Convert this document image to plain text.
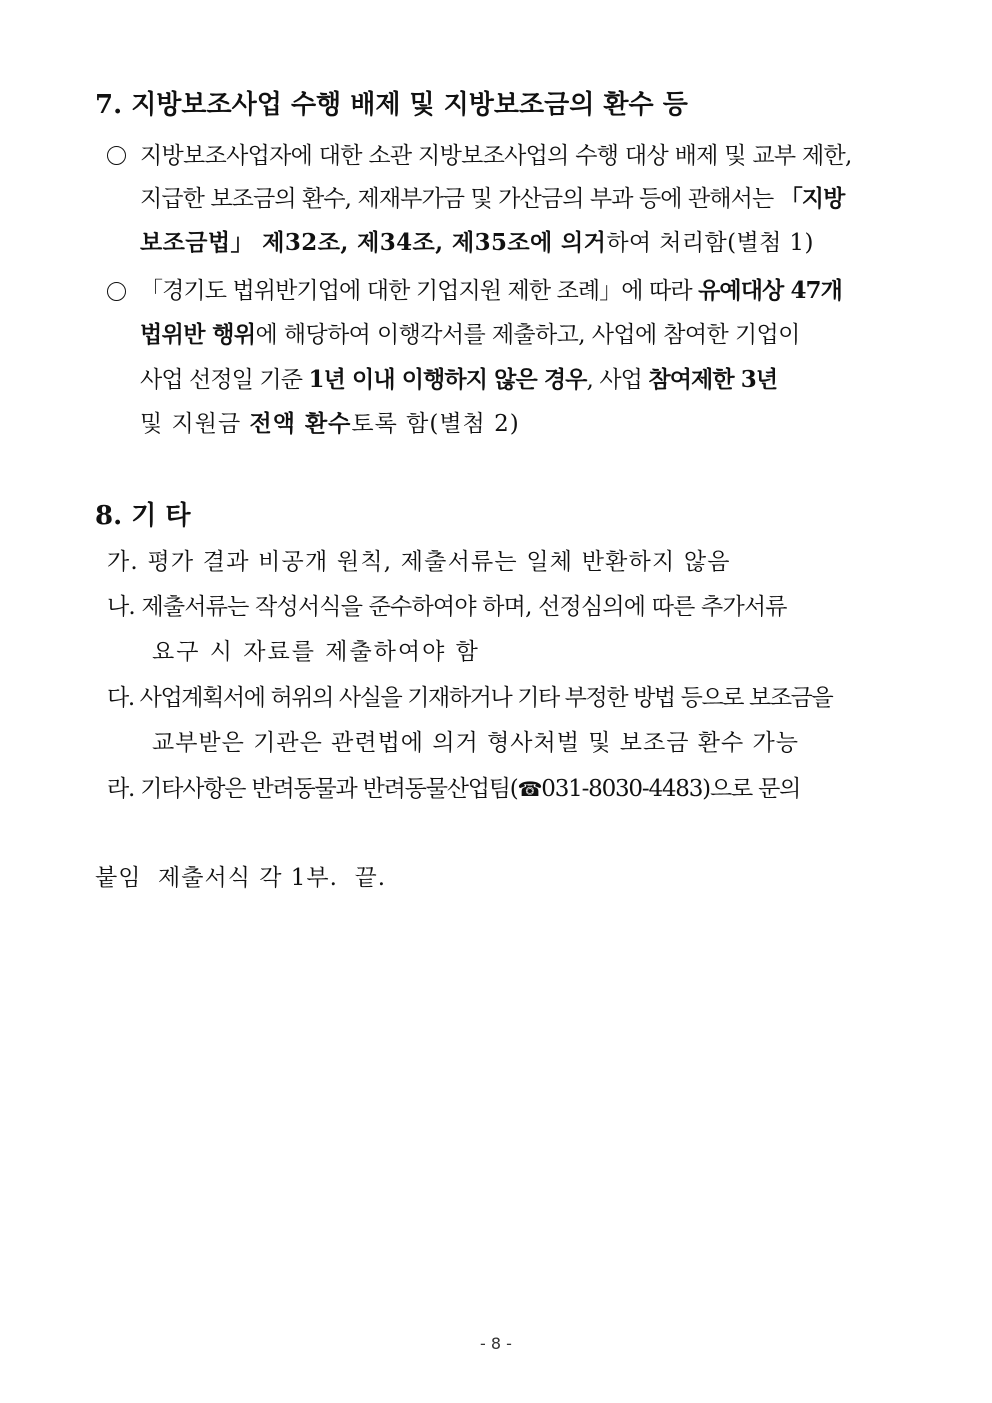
7. 지방보조사업 수행 배제 및 지방보조금의 환수 등
지방보조사업자에 대한 소관 지방보조사업의 수행 대상 배제 및 교부 제한,
지급한 보조금의 환수, 제재부가금 및 가산금의 부과 등에 관해서는 「지방
보조금법」 제32조, 제34조, 제35조에 의거하여 처리함(별첨 1)
「경기도 법위반기업에 대한 기업지원 제한 조례」에 따라 유예대상 47개
법위반 행위에 해당하여 이행각서를 제출하고, 사업에 참여한 기업이
사업 선정일 기준 1년 이내 이행하지 않은 경우, 사업 참여제한 3년
및 지원금 전액 환수토록 함(별첨 2)
8. 기 타
가. 평가 결과 비공개 원칙, 제출서류는 일체 반환하지 않음
나. 제출서류는 작성서식을 준수하여야 하며, 선정심의에 따른 추가서류
요구 시 자료를 제출하여야 함
다. 사업계획서에 허위의 사실을 기재하거나 기타 부정한 방법 등으로 보조금을
교부받은 기관은 관련법에 의거 형사처벌 및 보조금 환수 가능
라. 기타사항은 반려동물과 반려동물산업팀(☎031-8030-4483)으로 문의
붙임  제출서식 각 1부.  끝.
- 8 -
